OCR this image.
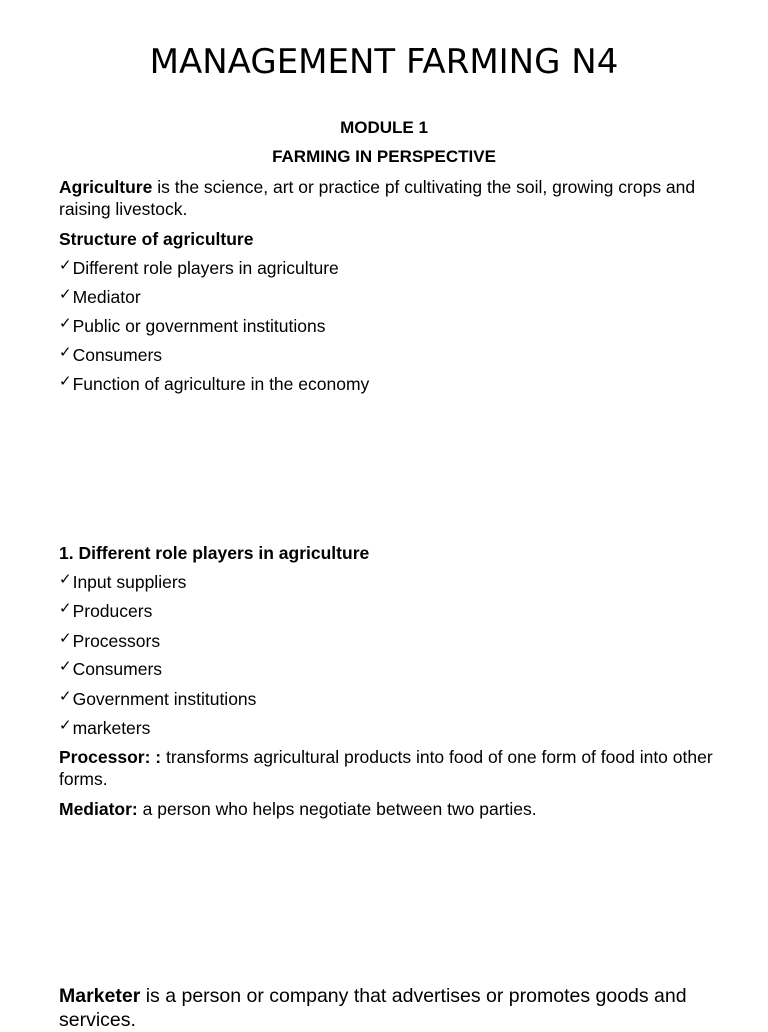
MANAGEMENT FARMING N4
MODULE 1
FARMING IN PERSPECTIVE
Agriculture is the science, art or practice pf cultivating the soil, growing crops and raising livestock.
Structure of agriculture
✓Different role players in agriculture
✓Mediator
✓Public or government institutions
✓Consumers
✓Function of agriculture in the economy
1. Different role players in agriculture
✓Input suppliers
✓Producers
✓Processors
✓Consumers
✓Government institutions
✓marketers
Processor: : transforms agricultural products into food of one form of food into other forms.
Mediator: a person who helps negotiate between two parties.
Marketer is a person or company that advertises or promotes goods and services.
